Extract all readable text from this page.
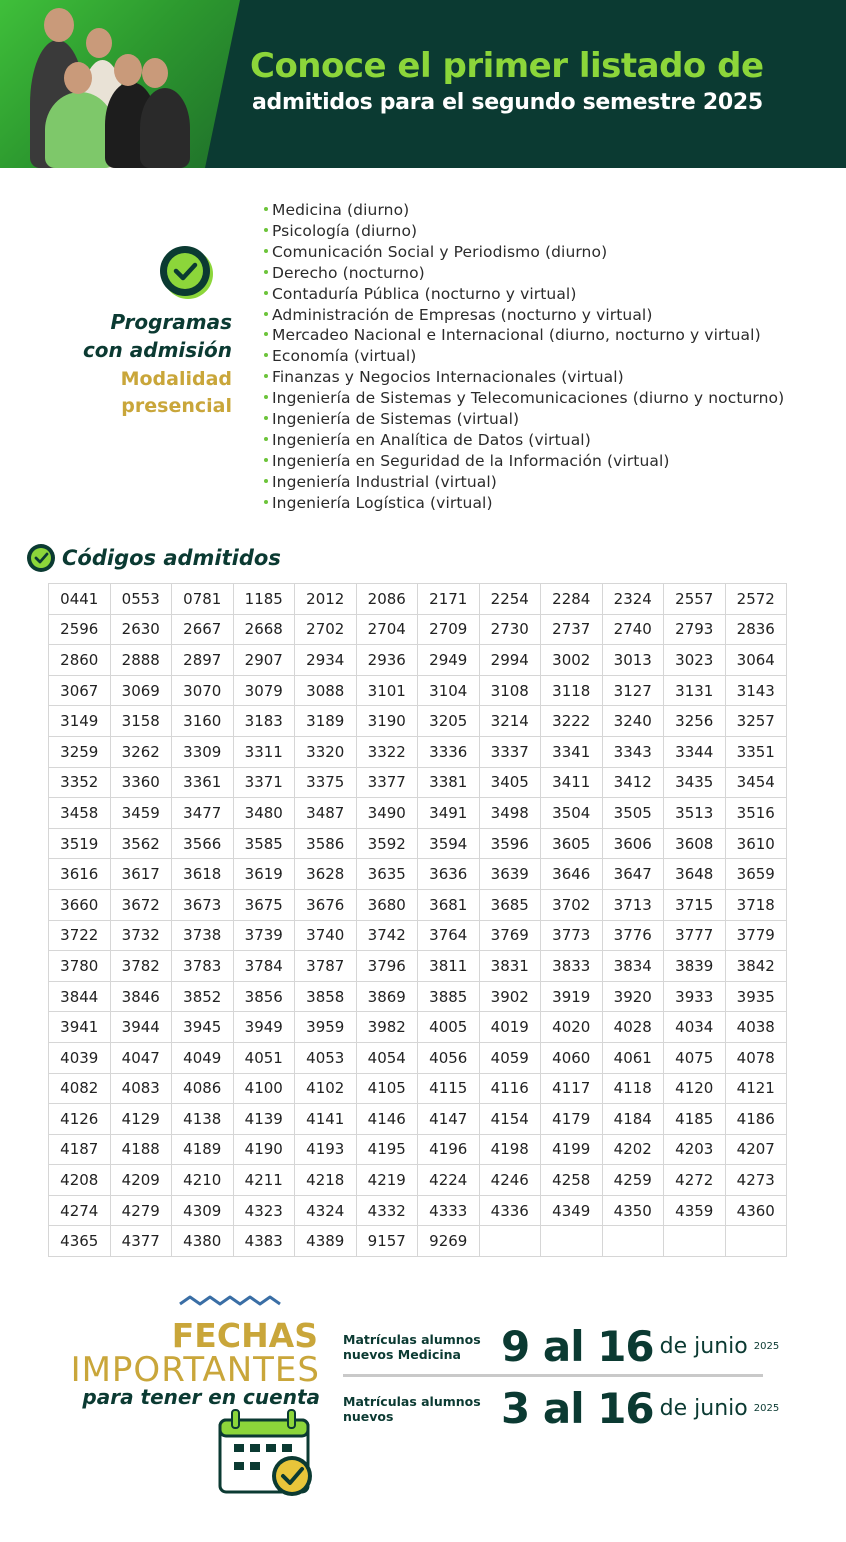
Conoce el primer listado de
admitidos para el segundo semestre 2025
Programas
con admisión
Modalidad
presencial
Medicina (diurno)
Psicología (diurno)
Comunicación Social y Periodismo (diurno)
Derecho (nocturno)
Contaduría Pública (nocturno y virtual)
Administración de Empresas (nocturno y virtual)
Mercadeo Nacional e Internacional (diurno, nocturno y virtual)
Economía (virtual)
Finanzas y Negocios Internacionales (virtual)
Ingeniería de Sistemas y Telecomunicaciones (diurno y nocturno)
Ingeniería de Sistemas (virtual)
Ingeniería en Analítica de Datos (virtual)
Ingeniería en Seguridad de la Información (virtual)
Ingeniería Industrial (virtual)
Ingeniería Logística (virtual)
Códigos admitidos
0441	0553	0781	1185	2012	2086	2171	2254	2284	2324	2557	2572
2596	2630	2667	2668	2702	2704	2709	2730	2737	2740	2793	2836
2860	2888	2897	2907	2934	2936	2949	2994	3002	3013	3023	3064
3067	3069	3070	3079	3088	3101	3104	3108	3118	3127	3131	3143
3149	3158	3160	3183	3189	3190	3205	3214	3222	3240	3256	3257
3259	3262	3309	3311	3320	3322	3336	3337	3341	3343	3344	3351
3352	3360	3361	3371	3375	3377	3381	3405	3411	3412	3435	3454
3458	3459	3477	3480	3487	3490	3491	3498	3504	3505	3513	3516
3519	3562	3566	3585	3586	3592	3594	3596	3605	3606	3608	3610
3616	3617	3618	3619	3628	3635	3636	3639	3646	3647	3648	3659
3660	3672	3673	3675	3676	3680	3681	3685	3702	3713	3715	3718
3722	3732	3738	3739	3740	3742	3764	3769	3773	3776	3777	3779
3780	3782	3783	3784	3787	3796	3811	3831	3833	3834	3839	3842
3844	3846	3852	3856	3858	3869	3885	3902	3919	3920	3933	3935
3941	3944	3945	3949	3959	3982	4005	4019	4020	4028	4034	4038
4039	4047	4049	4051	4053	4054	4056	4059	4060	4061	4075	4078
4082	4083	4086	4100	4102	4105	4115	4116	4117	4118	4120	4121
4126	4129	4138	4139	4141	4146	4147	4154	4179	4184	4185	4186
4187	4188	4189	4190	4193	4195	4196	4198	4199	4202	4203	4207
4208	4209	4210	4211	4218	4219	4224	4246	4258	4259	4272	4273
4274	4279	4309	4323	4324	4332	4333	4336	4349	4350	4359	4360
4365	4377	4380	4383	4389	9157	9269					
FECHAS
IMPORTANTES
para tener en cuenta
Matrículas alumnos
nuevos Medicina 9 al 16 de junio 2025
Matrículas alumnos
nuevos	3 al 16 de junio 2025
